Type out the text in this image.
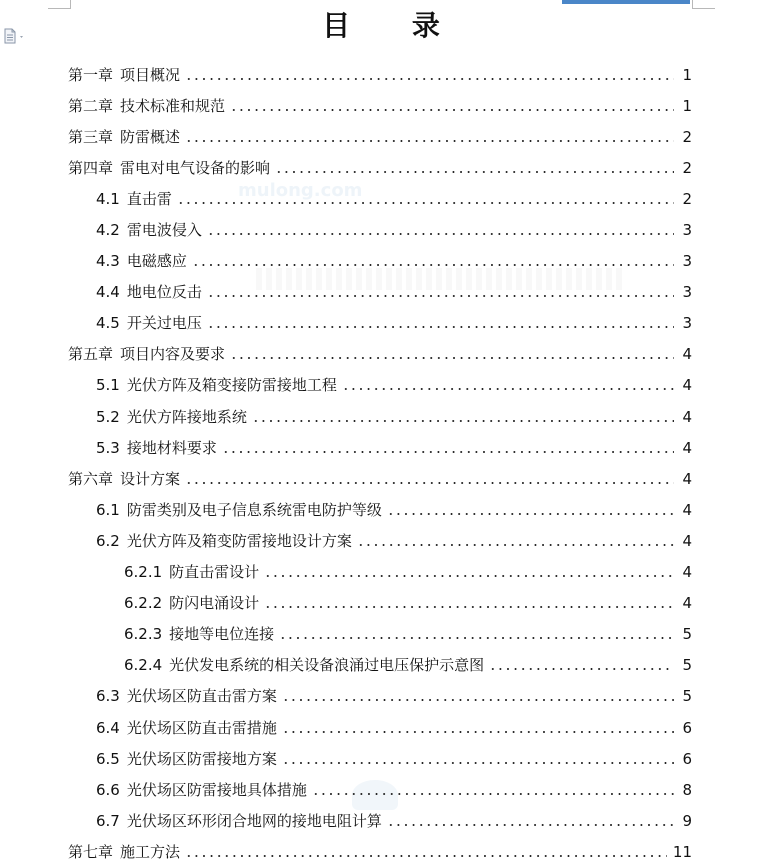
mulong.com
目 录
第一章 项目概况	1
第二章 技术标准和规范	1
第三章 防雷概述	2
第四章 雷电对电气设备的影响	2
4.1 直击雷	2
4.2 雷电波侵入	3
4.3 电磁感应	3
4.4 地电位反击	3
4.5 开关过电压	3
第五章 项目内容及要求	4
5.1 光伏方阵及箱变接防雷接地工程	4
5.2 光伏方阵接地系统	4
5.3 接地材料要求	4
第六章 设计方案	4
6.1 防雷类别及电子信息系统雷电防护等级	4
6.2 光伏方阵及箱变防雷接地设计方案	4
6.2.1 防直击雷设计	4
6.2.2 防闪电涌设计	4
6.2.3 接地等电位连接	5
6.2.4 光伏发电系统的相关设备浪涌过电压保护示意图	5
6.3 光伏场区防直击雷方案	5
6.4 光伏场区防直击雷措施	6
6.5 光伏场区防雷接地方案	6
6.6 光伏场区防雷接地具体措施	8
6.7 光伏场区环形闭合地网的接地电阻计算	9
第七章 施工方法	11
